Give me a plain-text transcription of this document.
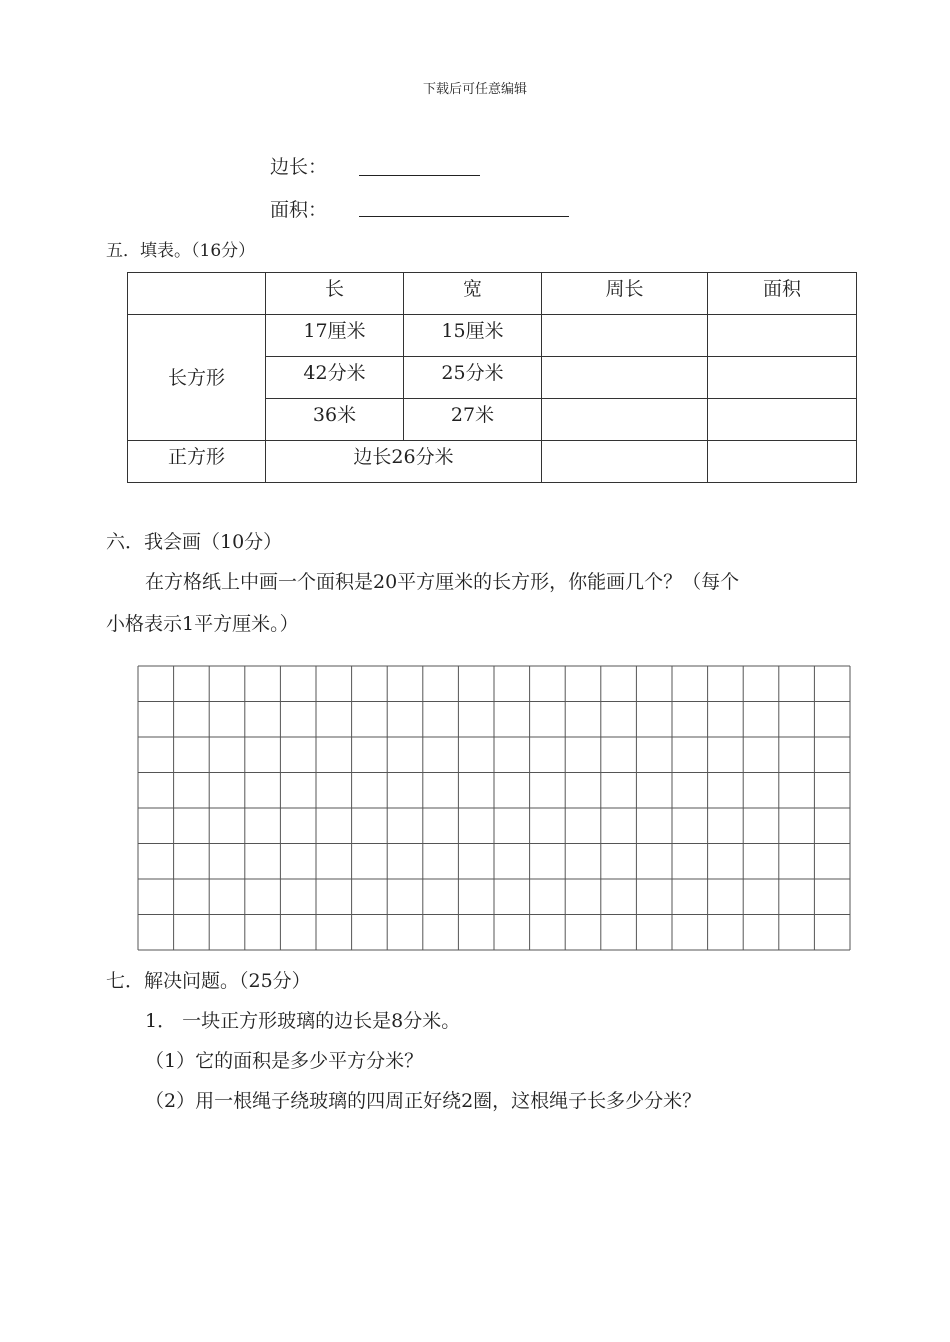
下载后可任意编辑
边长：
面积：
五．填表。（16分）
	长	宽	周长	面积
长方形	17厘米	15厘米		
	42分米	25分米		
	36米	27米		
正方形	边长26分米			
六．我会画（10分）
在方格纸上中画一个面积是20平方厘米的长方形，你能画几个？（每个
小格表示1平方厘米。）
七．解决问题。（25分）
1． 一块正方形玻璃的边长是8分米。
（1）它的面积是多少平方分米？
（2）用一根绳子绕玻璃的四周正好绕2圈，这根绳子长多少分米？
